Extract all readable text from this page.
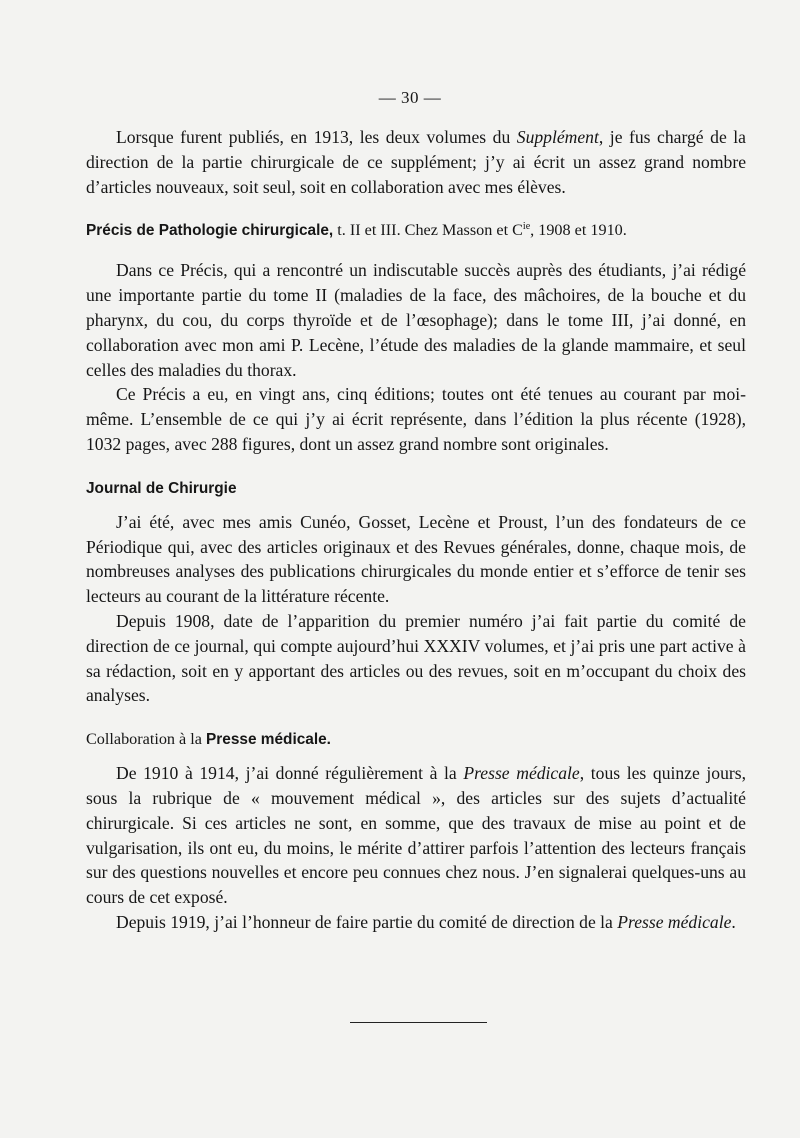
— 30 —

Lorsque furent publiés, en 1913, les deux volumes du Supplément, je fus chargé de la direction de la partie chirurgicale de ce supplément; j’y ai écrit un assez grand nombre d’articles nouveaux, soit seul, soit en collaboration avec mes élèves.

Précis de Pathologie chirurgicale, t. II et III. Chez Masson et $C^{ie}$, 1908 et 1910.

Dans ce Précis, qui a rencontré un indiscutable succès auprès des étudiants, j’ai rédigé une importante partie du tome II (maladies de la face, des mâchoires, de la bouche et du pharynx, du cou, du corps thyroïde et de l’œsophage); dans le tome III, j’ai donné, en collaboration avec mon ami P. Lecène, l’étude des maladies de la glande mammaire, et seul celles des maladies du thorax.

Ce Précis a eu, en vingt ans, cinq éditions; toutes ont été tenues au courant par moi-même. L’ensemble de ce qui j’y ai écrit représente, dans l’édition la plus récente (1928), 1032 pages, avec 288 figures, dont un assez grand nombre sont originales.

Journal de Chirurgie

J’ai été, avec mes amis Cunéo, Gosset, Lecène et Proust, l’un des fondateurs de ce Périodique qui, avec des articles originaux et des Revues générales, donne, chaque mois, de nombreuses analyses des publications chirurgicales du monde entier et s’efforce de tenir ses lecteurs au courant de la littérature récente.

Depuis 1908, date de l’apparition du premier numéro j’ai fait partie du comité de direction de ce journal, qui compte aujourd’hui XXXIV volumes, et j’ai pris une part active à sa rédaction, soit en y apportant des articles ou des revues, soit en m’occupant du choix des analyses.

Collaboration à la Presse médicale.

De 1910 à 1914, j’ai donné régulièrement à la Presse médicale, tous les quinze jours, sous la rubrique de « mouvement médical », des articles sur des sujets d’actualité chirurgicale. Si ces articles ne sont, en somme, que des travaux de mise au point et de vulgarisation, ils ont eu, du moins, le mérite d’attirer parfois l’attention des lecteurs français sur des questions nouvelles et encore peu connues chez nous. J’en signalerai quelques-uns au cours de cet exposé.

Depuis 1919, j’ai l’honneur de faire partie du comité de direction de la Presse médicale.
